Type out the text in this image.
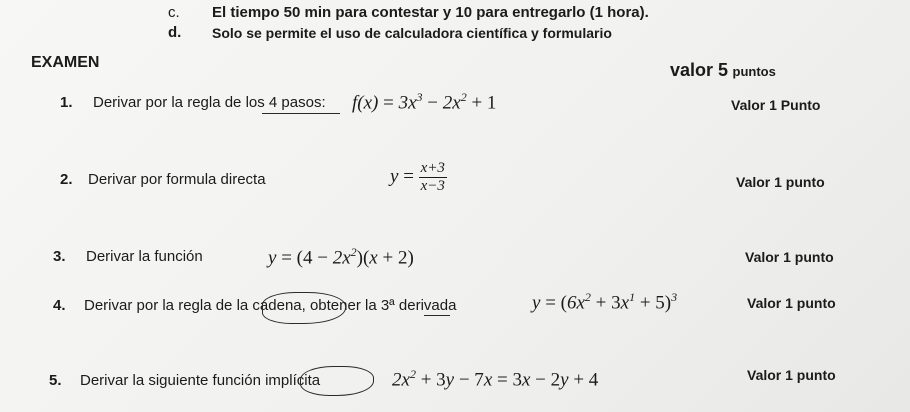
c. El tiempo 50 min para contestar y 10 para entregarlo (1 hora).
d. Solo se permite el uso de calculadora científica y formulario
EXAMEN	valor 5 puntos
1. Derivar por la regla de los 4 pasos: $f(x) = 3x^3 - 2x^2 + 1$	Valor 1 Punto
2. Derivar por formula directa	$y = \frac{x+3}{x-3}$	Valor 1 punto
3. Derivar la función	$y = (4 - 2x^2)(x + 2)$	Valor 1 punto
4. Derivar por la regla de la cadena, obtener la 3ª derivada	$y = (6x^2 + 3x^1 + 5)^3$	Valor 1 punto
5. Derivar la siguiente función implícita	$2x^2 + 3y - 7x = 3x - 2y + 4$	Valor 1 punto
